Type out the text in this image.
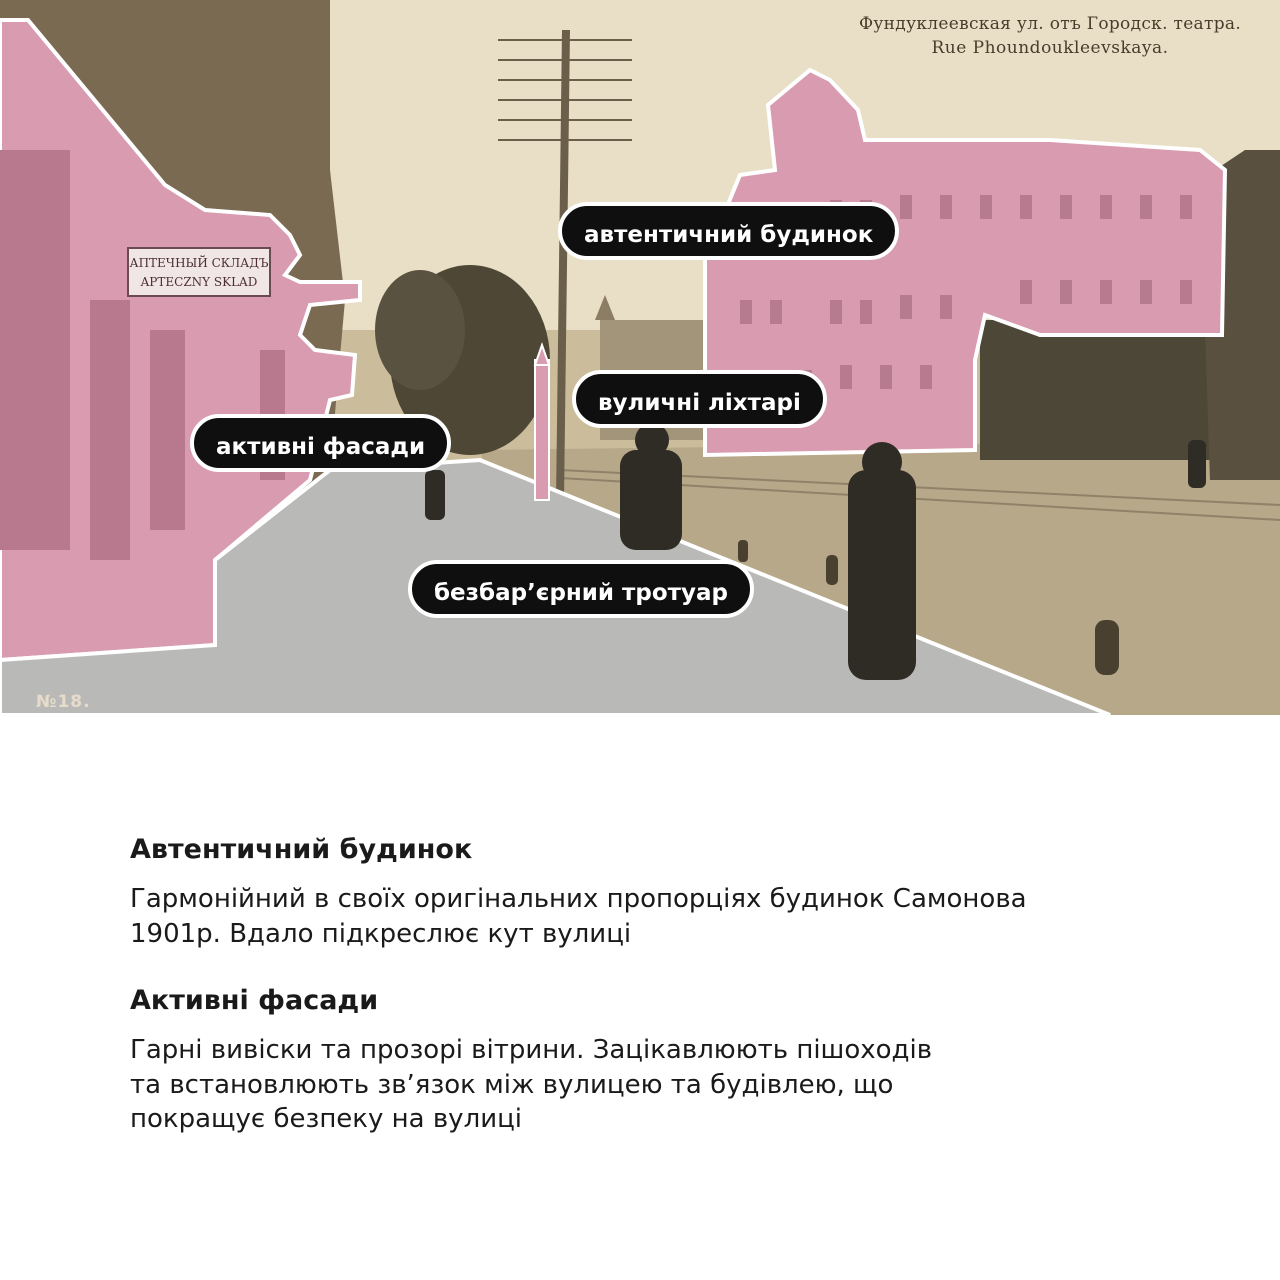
АПТЕЧНЫЙ СКЛАДЪ
APTECZNY SKLAD
Фундуклеевская ул. отъ Городск. театра.
Rue Phoundoukleevskaya.
№18.
автентичний будинок
вуличні ліхтарі
активні фасади
безбар’єрний тротуар

Автентичний будинок

Гармонійний в своїх оригінальних пропорціях будинок Самонова 1901р. Вдало підкреслює кут вулиці

Активні фасади

Гарні вивіски та прозорі вітрини. Зацікавлюють пішоходів та встановлюють зв’язок між вулицею та будівлею, що покращує безпеку на вулиці
